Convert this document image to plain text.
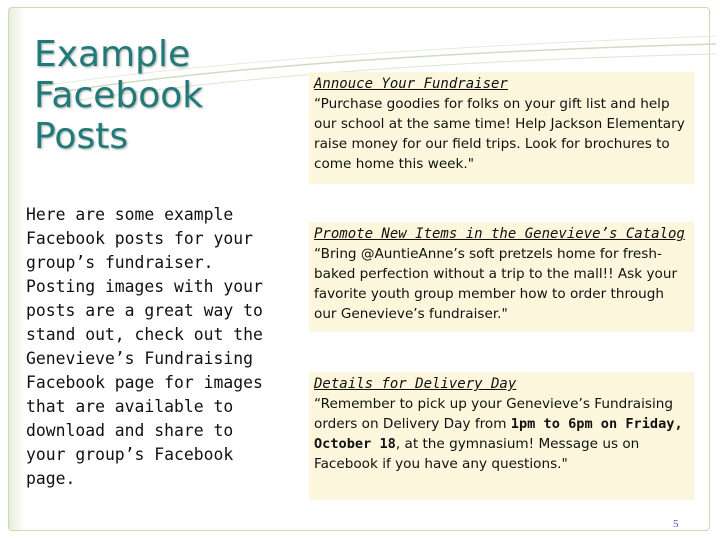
Example Facebook Posts

Here are some example Facebook posts for your group’s fundraiser. Posting images with your posts are a great way to stand out, check out the Genevieve’s Fundraising Facebook page for images that are available to download and share to your group’s Facebook page.

Annouce Your Fundraiser
“Purchase goodies for folks on your gift list and help our school at the same time! Help Jackson Elementary raise money for our field trips. Look for brochures to come home this week."
Promote New Items in the Genevieve’s Catalog
“Bring @AuntieAnne’s soft pretzels home for fresh-baked perfection without a trip to the mall!! Ask your favorite youth group member how to order through our Genevieve’s fundraiser."
Details for Delivery Day
“Remember to pick up your Genevieve’s Fundraising orders on Delivery Day from 1pm to 6pm on Friday, October 18, at the gymnasium! Message us on Facebook if you have any questions."
5
